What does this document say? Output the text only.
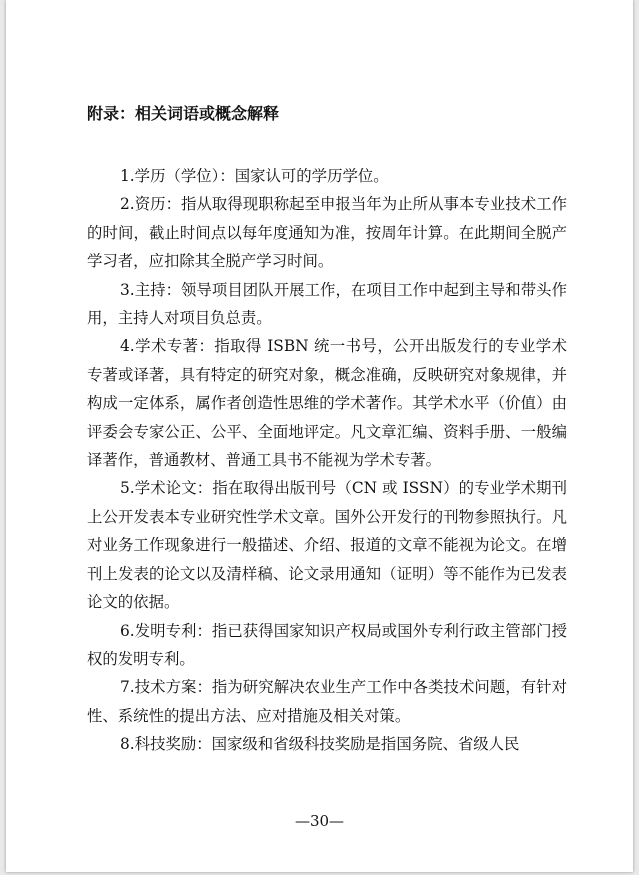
附录：相关词语或概念解释

1.学历（学位）：国家认可的学历学位。

2.资历：指从取得现职称起至申报当年为止所从事本专业技术工作的时间，截止时间点以每年度通知为准，按周年计算。在此期间全脱产学习者，应扣除其全脱产学习时间。

3.主持：领导项目团队开展工作，在项目工作中起到主导和带头作用，主持人对项目负总责。

4.学术专著：指取得 ISBN 统一书号，公开出版发行的专业学术专著或译著，具有特定的研究对象，概念准确，反映研究对象规律，并构成一定体系，属作者创造性思维的学术著作。其学术水平（价值）由评委会专家公正、公平、全面地评定。凡文章汇编、资料手册、一般编译著作，普通教材、普通工具书不能视为学术专著。

5.学术论文：指在取得出版刊号（CN 或 ISSN）的专业学术期刊上公开发表本专业研究性学术文章。国外公开发行的刊物参照执行。凡对业务工作现象进行一般描述、介绍、报道的文章不能视为论文。在增刊上发表的论文以及清样稿、论文录用通知（证明）等不能作为已发表论文的依据。

6.发明专利：指已获得国家知识产权局或国外专利行政主管部门授权的发明专利。

7.技术方案：指为研究解决农业生产工作中各类技术问题，有针对性、系统性的提出方法、应对措施及相关对策。

8.科技奖励：国家级和省级科技奖励是指国务院、省级人民

—30—
